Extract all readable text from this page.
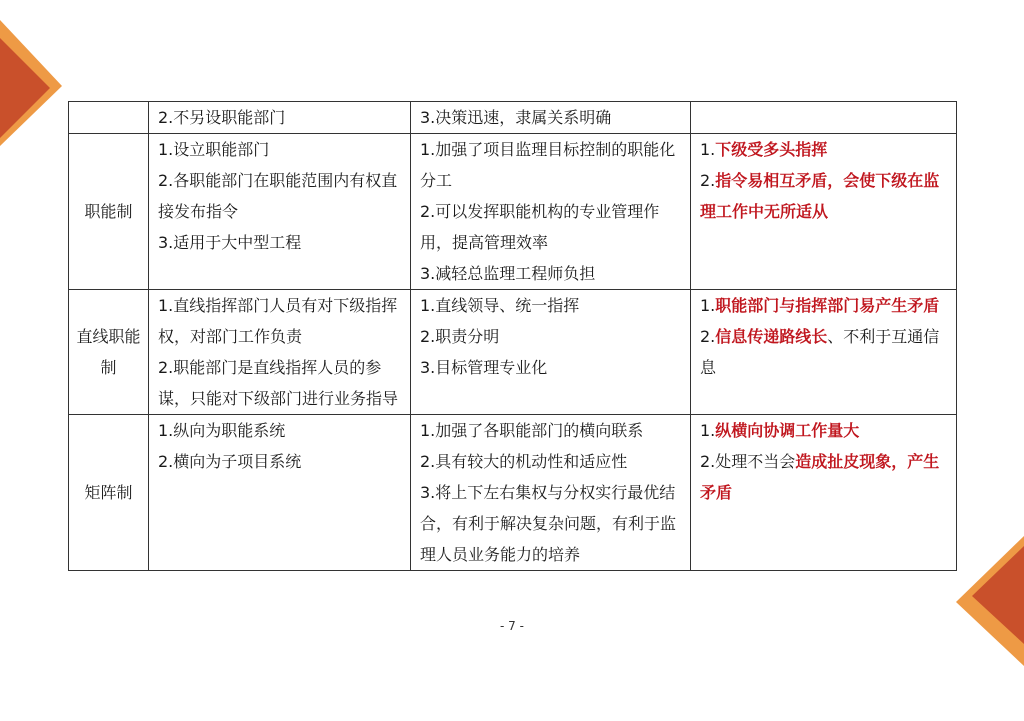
	2.不另设职能部门	3.决策迅速，隶属关系明确	

职能制	1.设立职能部门
2.各职能部门在职能范围内有权直接发布指令
3.适用于大中型工程	1.加强了项目监理目标控制的职能化分工
2.可以发挥职能机构的专业管理作用，提高管理效率
3.减轻总监理工程师负担	1.下级受多头指挥
2.指令易相互矛盾，会使下级在监理工作中无所适从

直线职能制	1.直线指挥部门人员有对下级指挥权，对部门工作负责
2.职能部门是直线指挥人员的参谋，只能对下级部门进行业务指导	1.直线领导、统一指挥
2.职责分明
3.目标管理专业化	1.职能部门与指挥部门易产生矛盾
2.信息传递路线长、不利于互通信息

矩阵制	1.纵向为职能系统
2.横向为子项目系统	1.加强了各职能部门的横向联系
2.具有较大的机动性和适应性
3.将上下左右集权与分权实行最优结合，有利于解决复杂问题，有利于监理人员业务能力的培养	1.纵横向协调工作量大
2.处理不当会造成扯皮现象，产生矛盾
- 7 -
